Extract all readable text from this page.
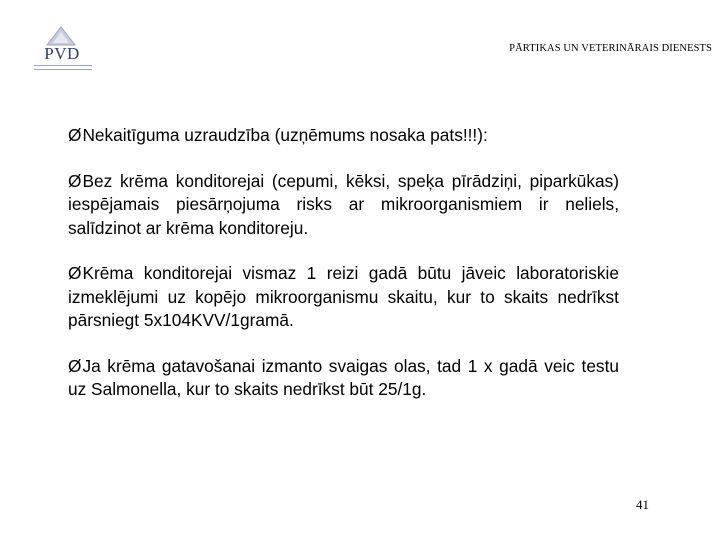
PVD	PĀRTIKAS UN VETERINĀRAIS DIENESTS

ØNekaitīguma uzraudzība (uzņēmums nosaka pats!!!):

ØBez krēma konditorejai (cepumi, kēksi, speķa pīrādziņi, piparkūkas) iespējamais piesārņojuma risks ar mikroorganismiem ir neliels, salīdzinot ar krēma konditoreju.

ØKrēma konditorejai vismaz 1 reizi gadā būtu jāveic laboratoriskie izmeklējumi uz kopējo mikroorganismu skaitu, kur to skaits nedrīkst pārsniegt 5x104KVV/1gramā.

ØJa krēma gatavošanai izmanto svaigas olas, tad 1 x gadā veic testu uz Salmonella, kur to skaits nedrīkst būt 25/1g.

41
